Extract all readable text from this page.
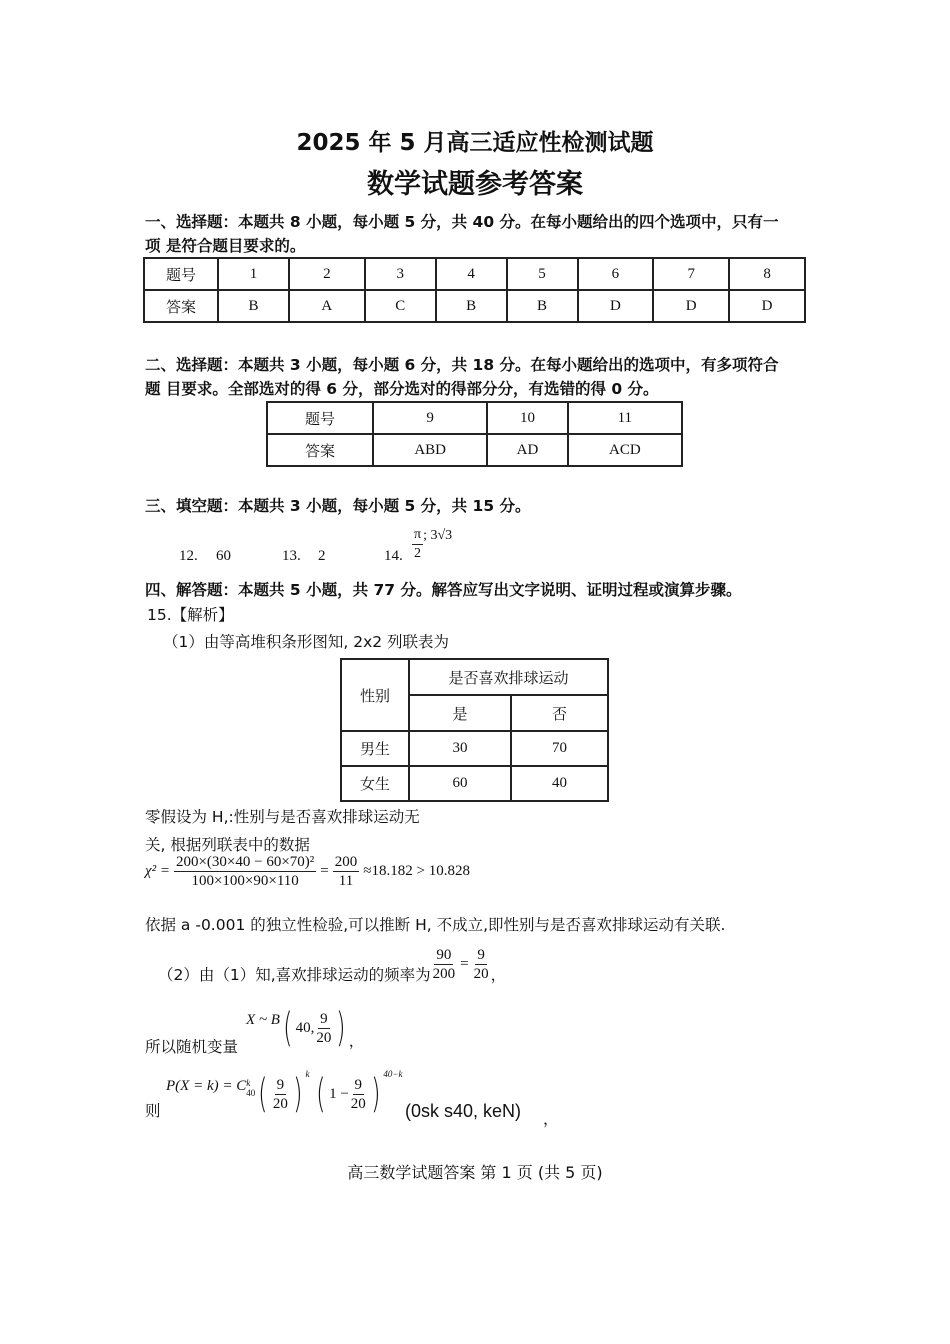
2025 年 5 月高三适应性检测试题
数学试题参考答案
一、选择题：本题共 8 小题，每小题 5 分，共 40 分。在每小题给出的四个选项中，只有一
项 是符合题目要求的。
题号	1	2	3	4	5	6	7	8
答案	B	A	C	B	B	D	D	D
二、选择题：本题共 3 小题，每小题 6 分，共 18 分。在每小题给出的选项中，有多项符合
题 目要求。全部选对的得 6 分，部分选对的得部分分，有选错的得 0 分。
题号	9	10	11
答案	ABD	AD	ACD
三、填空题：本题共 3 小题，每小题 5 分，共 15 分。
12. 60	13. 2	14. $\frac{\pi}{2}$ ; 3√3
四、解答题：本题共 5 小题，共 77 分。解答应写出文字说明、证明过程或演算步骤。
15.【解析】
（1）由等高堆积条形图知, 2x2 列联表为
性别	是否喜欢排球运动	
	是	否
男生	30	70
女生	60	40
零假设为 H,:性别与是否喜欢排球运动无
关, 根据列联表中的数据
$\chi^2 = \frac{\text{200×(30×40 − 60×70)²}}{100\times 100\times 90\times 110} = \frac{200}{11} \approx 18.182 > 10.828$
依据 a -0.001 的独立性检验,可以推断 H, 不成立,即性别与是否喜欢排球运动有关联.
（2）由（1）知,喜欢排球运动的频率为 $\frac{90}{200} = \frac{9}{20}$ ，
所以随机变量
X ~ B ( 40, $\frac{9}{20}$ ) ，
则
P(X = k) = C k
40 ( $\frac{9}{20}$ ) k ( $1 - \frac{9}{20}$ ) 40−k
(0sk s40, keN) ，
高三数学试题答案 第 1 页 (共 5 页)
